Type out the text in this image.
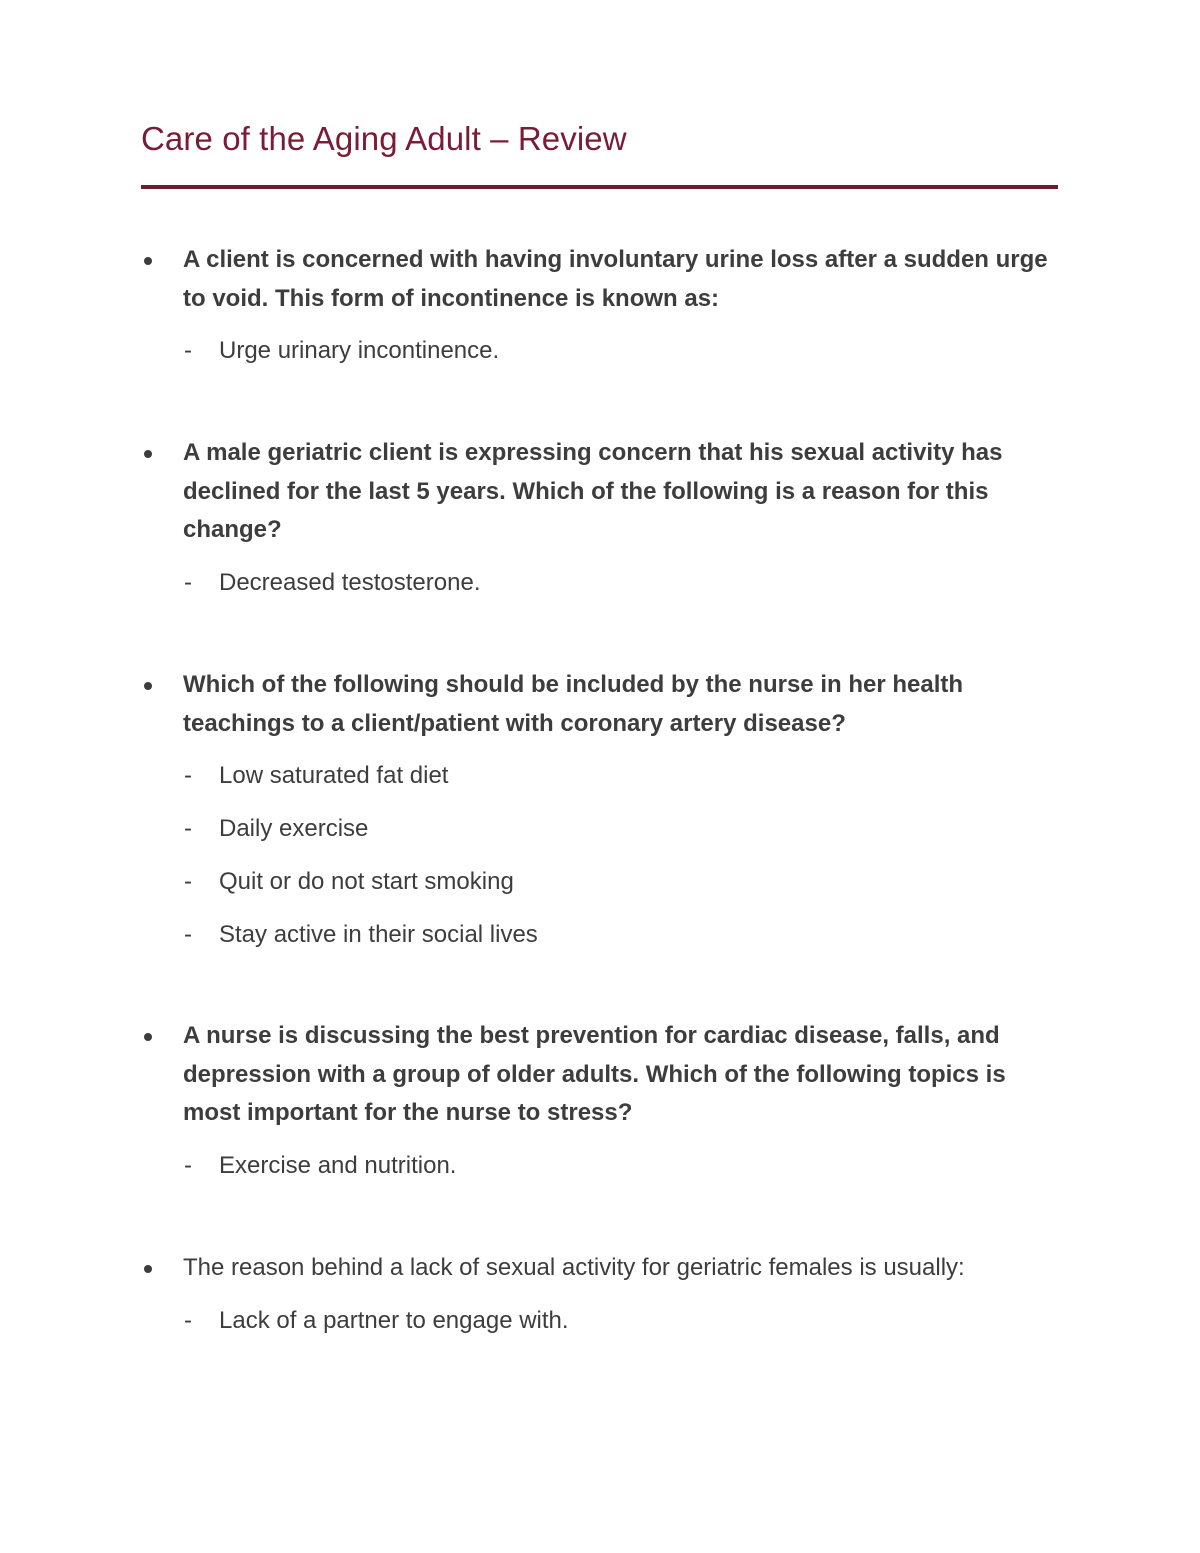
Care of the Aging Adult – Review
A client is concerned with having involuntary urine loss after a sudden urge to void. This form of incontinence is known as:
- Urge urinary incontinence.
A male geriatric client is expressing concern that his sexual activity has declined for the last 5 years. Which of the following is a reason for this change?
- Decreased testosterone.
Which of the following should be included by the nurse in her health teachings to a client/patient with coronary artery disease?
- Low saturated fat diet
- Daily exercise
- Quit or do not start smoking
- Stay active in their social lives
A nurse is discussing the best prevention for cardiac disease, falls, and depression with a group of older adults. Which of the following topics is most important for the nurse to stress?
- Exercise and nutrition.
The reason behind a lack of sexual activity for geriatric females is usually:
- Lack of a partner to engage with.
